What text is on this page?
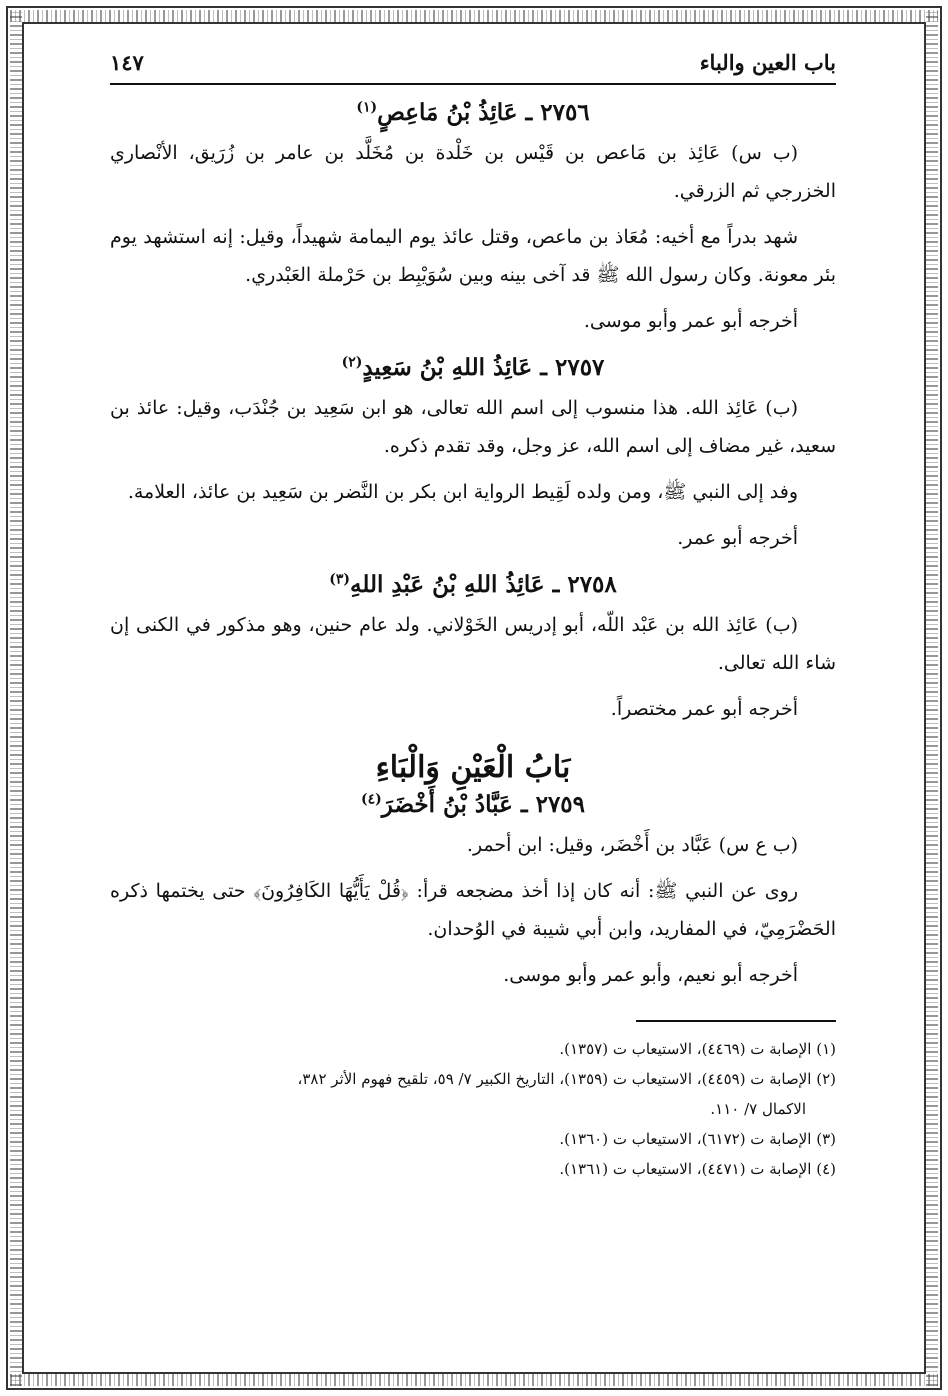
باب العين والباء
١٤٧
٢٧٥٦ ـ عَائِذُ بْنُ مَاعِصٍ$^{(١)}$

(ب س) عَائِذ بن مَاعص بن قَيْس بن خَلْدة بن مُخَلَّد بن عامر بن زُرَيق، الأنْصاري الخزرجي ثم الزرقي.

شهد بدراً مع أخيه: مُعَاذ بن ماعص، وقتل عائذ يوم اليمامة شهيداً، وقيل: إنه استشهد يوم بئر معونة. وكان رسول الله ﷺ قد آخى بينه وبين سُوَيْبِط بن حَرْملة العَبْدري.

أخرجه أبو عمر وأبو موسى.

٢٧٥٧ ـ عَائِذُ اللهِ بْنُ سَعِيدٍ$^{(٢)}$

(ب) عَائِذ الله. هذا منسوب إلى اسم الله تعالى، هو ابن سَعِيد بن جُنْدَب، وقيل: عائذ بن سعيد، غير مضاف إلى اسم الله، عز وجل، وقد تقدم ذكره.

وفد إلى النبي ﷺ، ومن ولده لَقِيط الرواية ابن بكر بن النَّضر بن سَعِيد بن عائذ، العلامة.

أخرجه أبو عمر.

٢٧٥٨ ـ عَائِذُ اللهِ بْنُ عَبْدِ اللهِ$^{(٣)}$

(ب) عَائِذ الله بن عَبْد اللّه، أبو إدريس الخَوْلاني. ولد عام حنين، وهو مذكور في الكنى إن شاء الله تعالى.

أخرجه أبو عمر مختصراً.

بَابُ الْعَيْنِ وَالْبَاءِ
٢٧٥٩ ـ عَبَّادُ بْنُ أَخْضَرَ$^{(٤)}$

(ب ع س) عَبَّاد بن أَخْضَر، وقيل: ابن أحمر.

روى عن النبي ﷺ: أنه كان إذا أخذ مضجعه قرأ: ﴿قُلْ يَأَيُّهَا الكَافِرُونَ﴾ حتى يختمها ذكره الحَضْرَمِيّ، في المفاريد، وابن أبي شيبة في الوُحدان.

أخرجه أبو نعيم، وأبو عمر وأبو موسى.

(١) الإصابة ت (٤٤٦٩)، الاستيعاب ت (١٣٥٧).

(٢) الإصابة ت (٤٤٥٩)، الاستيعاب ت (١٣٥٩)، التاريخ الكبير ٧/ ٥٩، تلقيح فهوم الأثر ٣٨٢،

الاكمال ٧/ ١١٠.

(٣) الإصابة ت (٦١٧٢)، الاستيعاب ت (١٣٦٠).

(٤) الإصابة ت (٤٤٧١)، الاستيعاب ت (١٣٦١).
